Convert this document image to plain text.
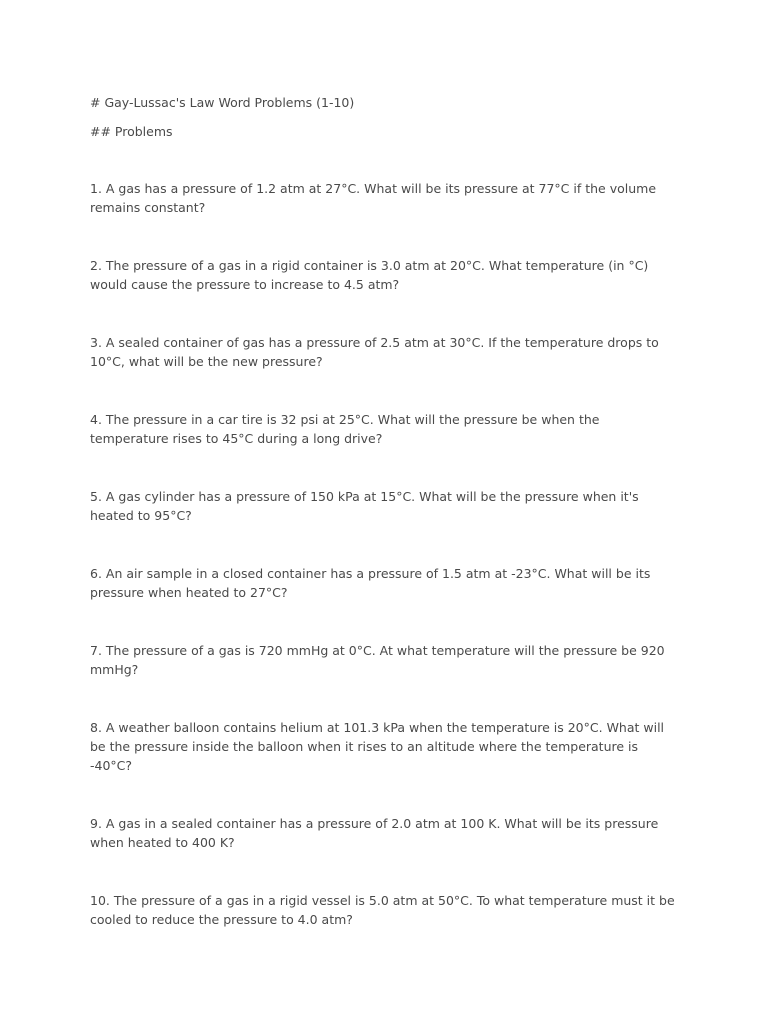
# Gay-Lussac's Law Word Problems (1-10)

## Problems

1. A gas has a pressure of 1.2 atm at 27°C. What will be its pressure at 77°C if the volume remains constant?

2. The pressure of a gas in a rigid container is 3.0 atm at 20°C. What temperature (in °C) would cause the pressure to increase to 4.5 atm?

3. A sealed container of gas has a pressure of 2.5 atm at 30°C. If the temperature drops to 10°C, what will be the new pressure?

4. The pressure in a car tire is 32 psi at 25°C. What will the pressure be when the temperature rises to 45°C during a long drive?

5. A gas cylinder has a pressure of 150 kPa at 15°C. What will be the pressure when it's heated to 95°C?

6. An air sample in a closed container has a pressure of 1.5 atm at -23°C. What will be its pressure when heated to 27°C?

7. The pressure of a gas is 720 mmHg at 0°C. At what temperature will the pressure be 920 mmHg?

8. A weather balloon contains helium at 101.3 kPa when the temperature is 20°C. What will be the pressure inside the balloon when it rises to an altitude where the temperature is -40°C?

9. A gas in a sealed container has a pressure of 2.0 atm at 100 K. What will be its pressure when heated to 400 K?

10. The pressure of a gas in a rigid vessel is 5.0 atm at 50°C. To what temperature must it be cooled to reduce the pressure to 4.0 atm?
